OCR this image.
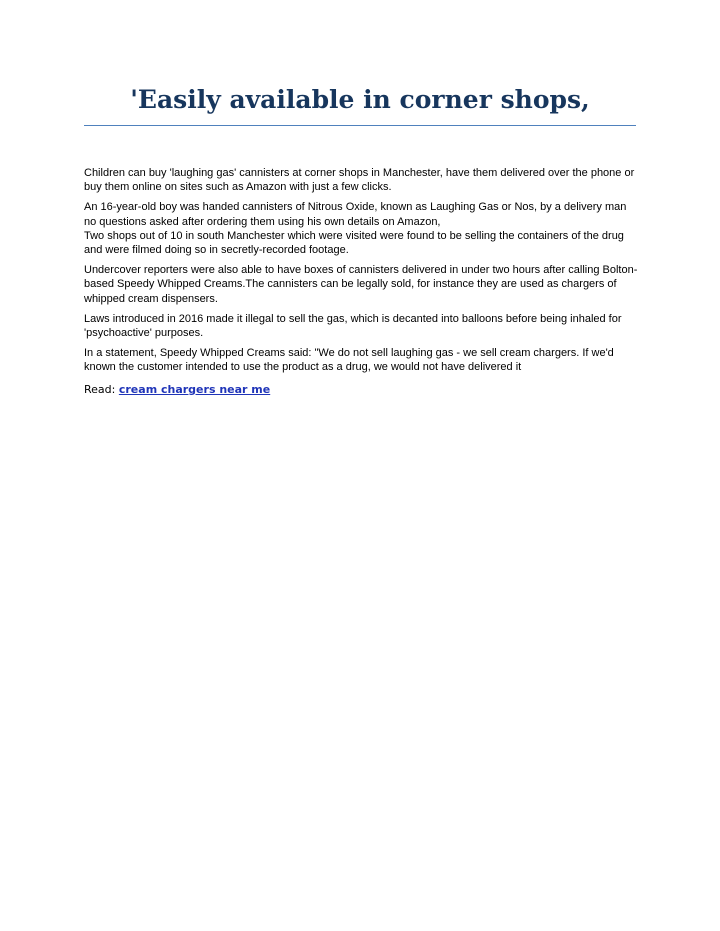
'Easily available in corner shops,

Children can buy 'laughing gas' cannisters at corner shops in Manchester, have them delivered over the phone or buy them online on sites such as Amazon with just a few clicks.

An 16-year-old boy was handed cannisters of Nitrous Oxide, known as Laughing Gas or Nos, by a delivery man no questions asked after ordering them using his own details on Amazon,
Two shops out of 10 in south Manchester which were visited were found to be selling the containers of the drug and were filmed doing so in secretly-recorded footage.

Undercover reporters were also able to have boxes of cannisters delivered in under two hours after calling Bolton-based Speedy Whipped Creams.The cannisters can be legally sold, for instance they are used as chargers of whipped cream dispensers.

Laws introduced in 2016 made it illegal to sell the gas, which is decanted into balloons before being inhaled for 'psychoactive' purposes.

In a statement, Speedy Whipped Creams said: "We do not sell laughing gas - we sell cream chargers. If we'd known the customer intended to use the product as a drug, we would not have delivered it

Read: cream chargers near me
